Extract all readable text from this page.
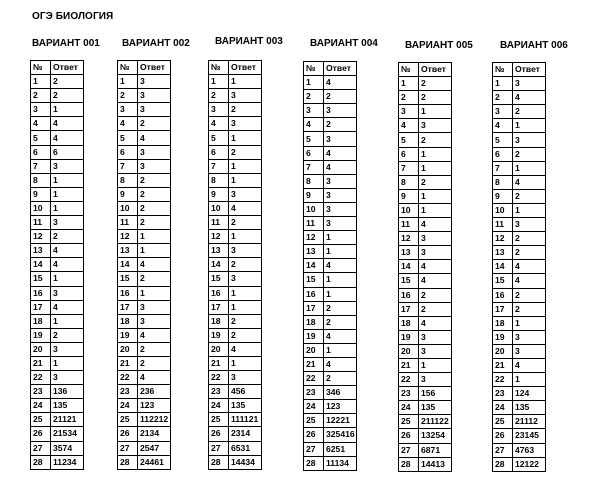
ОГЭ БИОЛОГИЯ
ВАРИАНТ 001
№	Ответ
1	2
2	2
3	1
4	4
5	4
6	6
7	3
8	1
9	1
10	1
11	3
12	2
13	4
14	4
15	1
16	3
17	4
18	1
19	2
20	3
21	1
22	3
23	136
24	135
25	21121
26	21534
27	3574
28	11234
ВАРИАНТ 002
№	Ответ
1	3
2	3
3	3
4	2
5	4
6	3
7	3
8	2
9	2
10	2
11	2
12	1
13	1
14	4
15	2
16	1
17	3
18	3
19	4
20	2
21	2
22	4
23	236
24	123
25	112212
26	2134
27	2547
28	24461
ВАРИАНТ 003
№	Ответ
1	1
2	3
3	2
4	3
5	1
6	2
7	1
8	1
9	3
10	4
11	2
12	1
13	3
14	2
15	3
16	1
17	1
18	2
19	2
20	4
21	1
22	3
23	456
24	135
25	111121
26	2314
27	6531
28	14434
ВАРИАНТ 004
№	Ответ
1	4
2	2
3	3
4	2
5	3
6	4
7	4
8	3
9	3
10	3
11	3
12	1
13	1
14	4
15	1
16	1
17	2
18	2
19	4
20	1
21	4
22	2
23	346
24	123
25	12221
26	325416
27	6251
28	11134
ВАРИАНТ 005
№	Ответ
1	2
2	2
3	1
4	3
5	2
6	1
7	1
8	2
9	1
10	1
11	4
12	3
13	3
14	4
15	4
16	2
17	2
18	4
19	3
20	3
21	1
22	3
23	156
24	135
25	211122
26	13254
27	6871
28	14413
ВАРИАНТ 006
№	Ответ
1	3
2	4
3	2
4	1
5	3
6	2
7	1
8	4
9	2
10	1
11	3
12	2
13	2
14	4
15	4
16	2
17	2
18	1
19	3
20	3
21	4
22	1
23	124
24	135
25	21112
26	23145
27	4763
28	12122
